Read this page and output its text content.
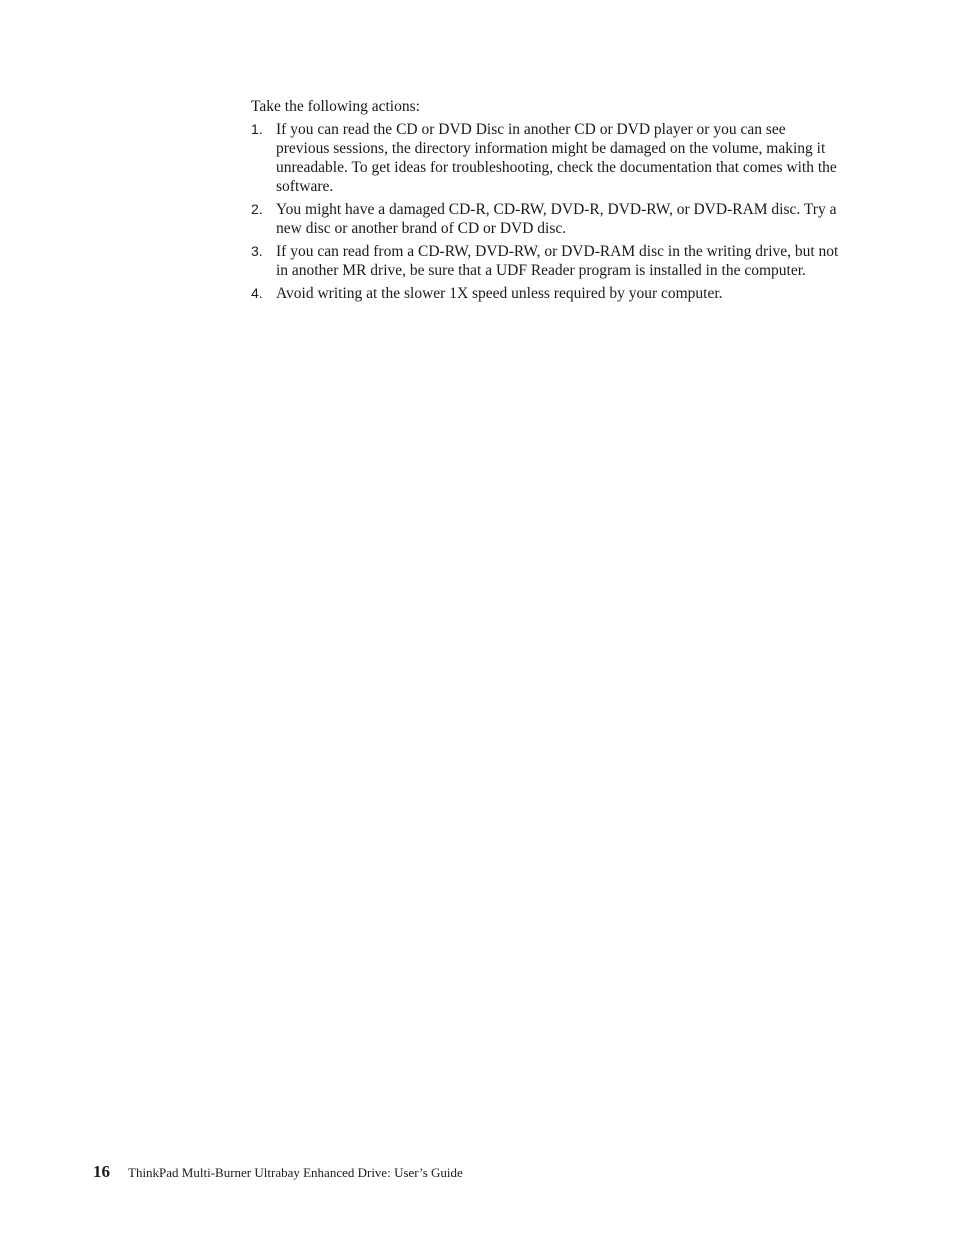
Take the following actions:

1. If you can read the CD or DVD Disc in another CD or DVD player or you can see previous sessions, the directory information might be damaged on the volume, making it unreadable. To get ideas for troubleshooting, check the documentation that comes with the software.
2. You might have a damaged CD-R, CD-RW, DVD-R, DVD-RW, or DVD-RAM disc. Try a new disc or another brand of CD or DVD disc.
3. If you can read from a CD-RW, DVD-RW, or DVD-RAM disc in the writing drive, but not in another MR drive, be sure that a UDF Reader program is installed in the computer.
4. Avoid writing at the slower 1X speed unless required by your computer.
16 ThinkPad Multi-Burner Ultrabay Enhanced Drive: User’s Guide
